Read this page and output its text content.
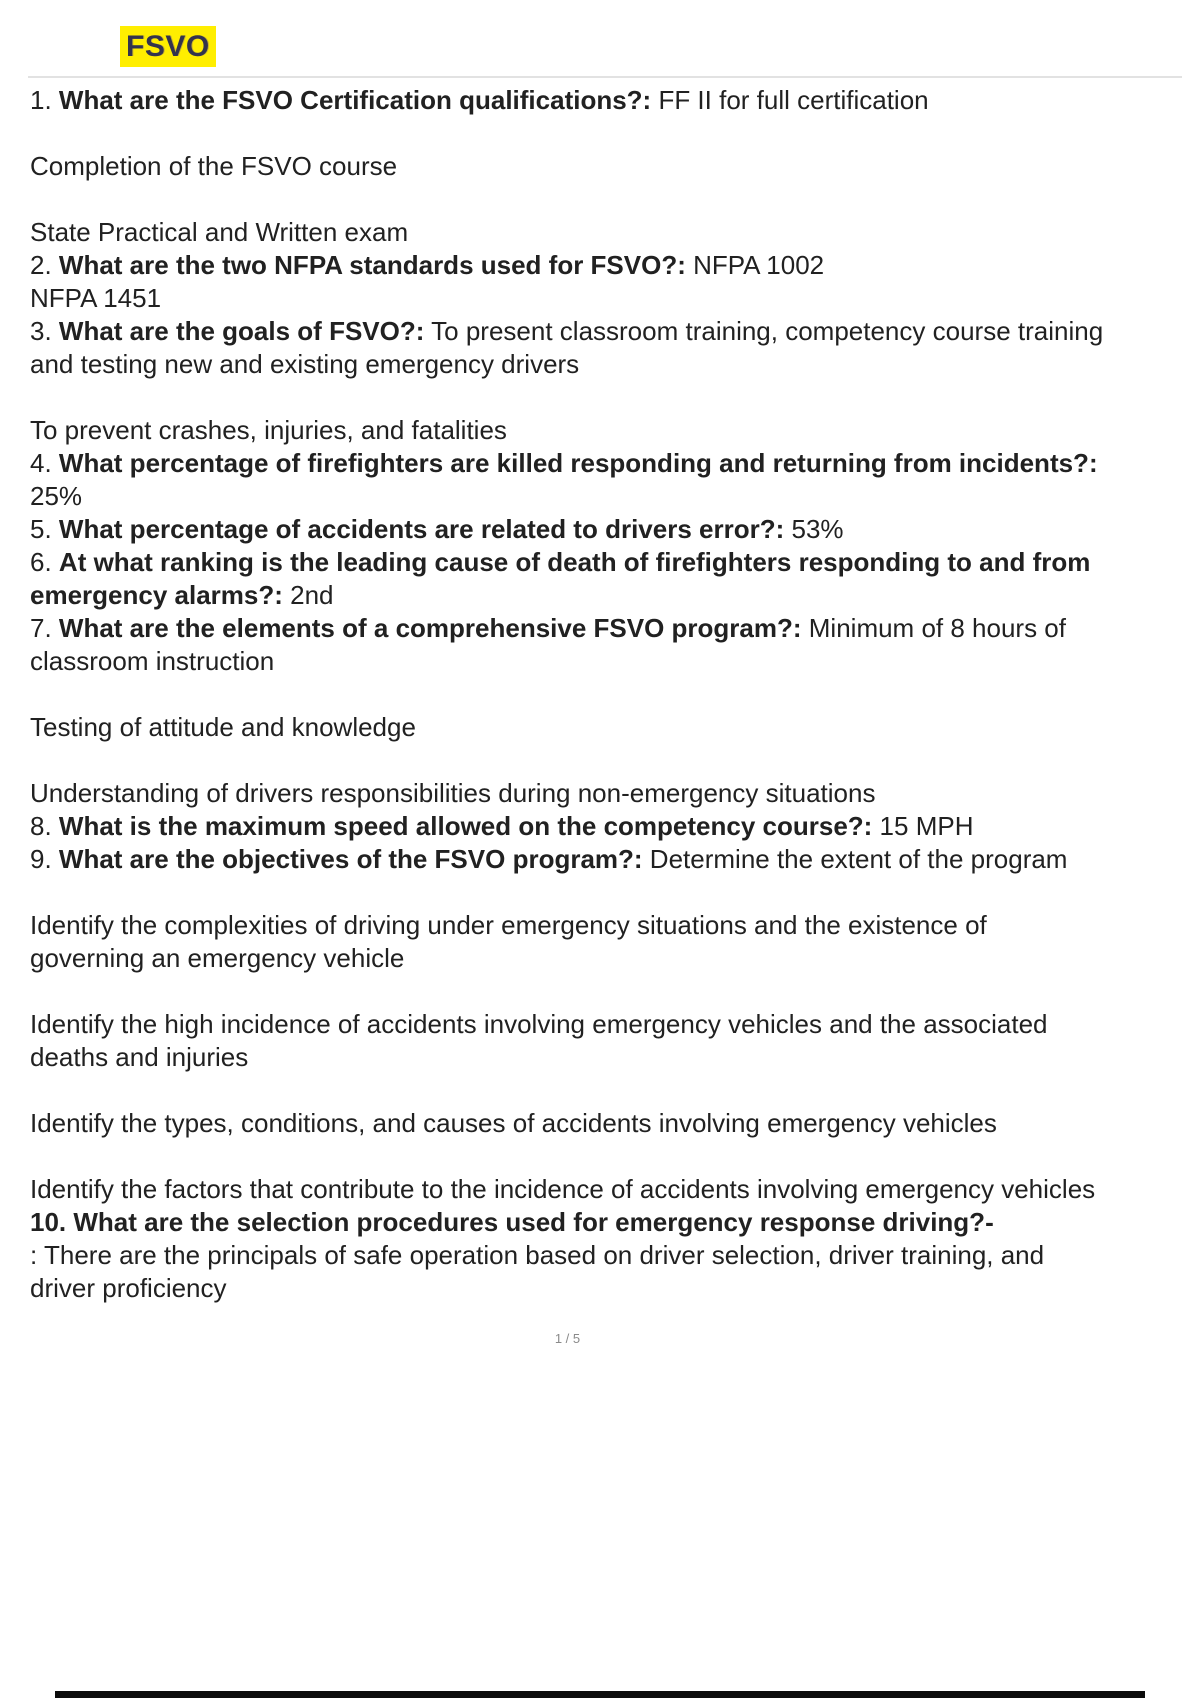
FSVO

1. What are the FSVO Certification qualifications?: FF II for full certification

Completion of the FSVO course

State Practical and Written exam

2. What are the two NFPA standards used for FSVO?: NFPA 1002

NFPA 1451

3. What are the goals of FSVO?: To present classroom training, competency course training and testing new and existing emergency drivers

To prevent crashes, injuries, and fatalities

4. What percentage of firefighters are killed responding and returning from incidents?: 25%

5. What percentage of accidents are related to drivers error?: 53%

6. At what ranking is the leading cause of death of firefighters responding to and from emergency alarms?: 2nd

7. What are the elements of a comprehensive FSVO program?: Minimum of 8 hours of classroom instruction

Testing of attitude and knowledge

Understanding of drivers responsibilities during non-emergency situations

8. What is the maximum speed allowed on the competency course?: 15 MPH

9. What are the objectives of the FSVO program?: Determine the extent of the program

Identify the complexities of driving under emergency situations and the existence of governing an emergency vehicle

Identify the high incidence of accidents involving emergency vehicles and the associated deaths and injuries

Identify the types, conditions, and causes of accidents involving emergency vehicles

Identify the factors that contribute to the incidence of accidents involving emergency vehicles

10. What are the selection procedures used for emergency response driving?-

: There are the principals of safe operation based on driver selection, driver training, and driver proficiency

1 / 5
